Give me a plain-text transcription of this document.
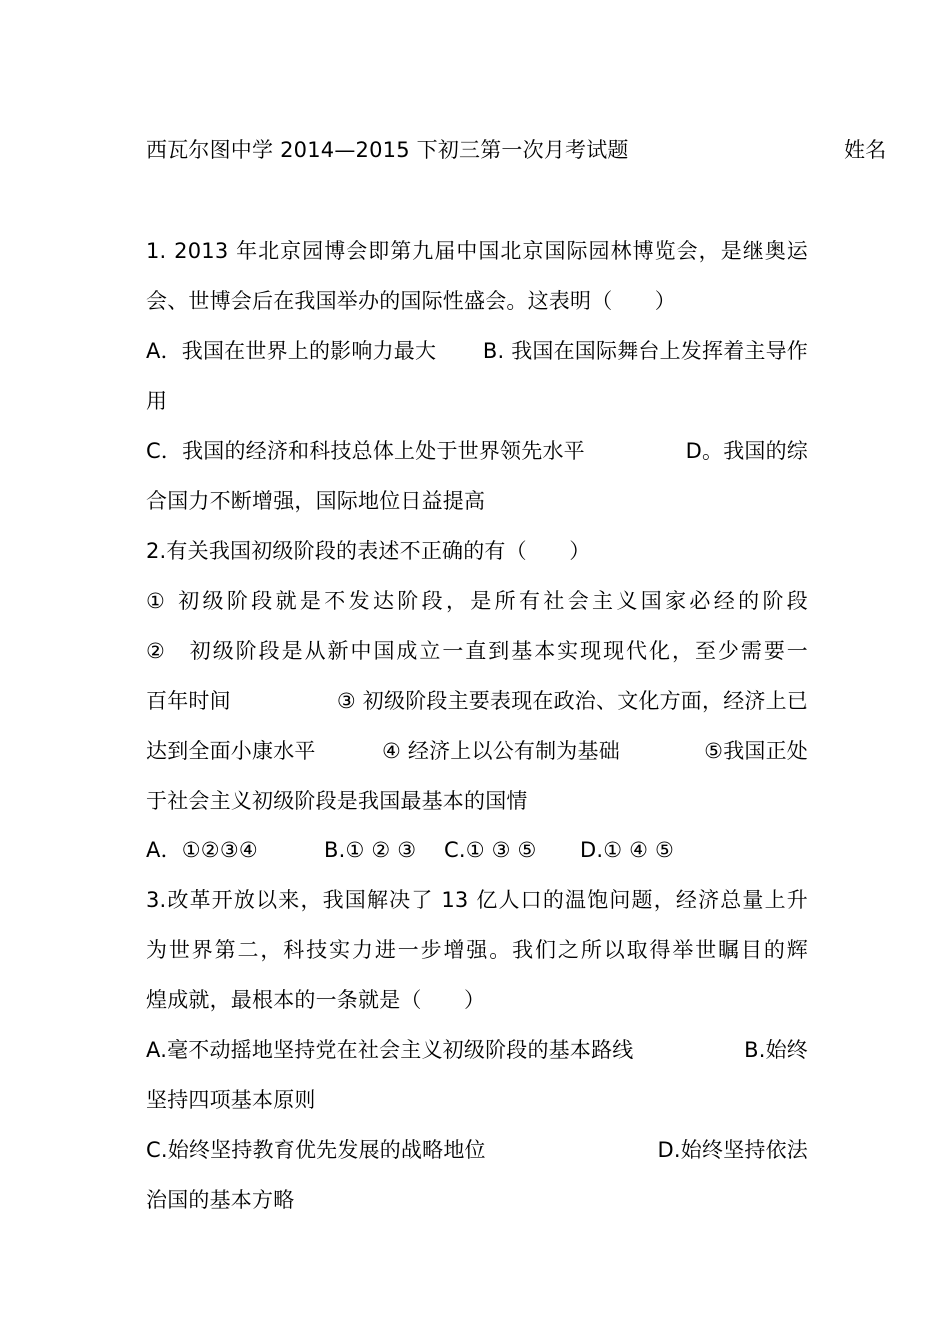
西瓦尔图中学 2014—2015 下初三第一次月考试题	姓名
1. 2013 年北京园博会即第九届中国北京国际园林博览会，是继奥运
会、世博会后在我国举办的国际性盛会。这表明（　　）
A．我国在世界上的影响力最大 B. 我国在国际舞台上发挥着主导作
用
C．我国的经济和科技总体上处于世界领先水平	D。我国的综
合国力不断增强，国际地位日益提高
2.有关我国初级阶段的表述不正确的有（　　）
① 初级阶段就是不发达阶段，是所有社会主义国家必经的阶段
②　初级阶段是从新中国成立一直到基本实现现代化，至少需要一
百年时间	③ 初级阶段主要表现在政治、文化方面，经济上已
达到全面小康水平	④ 经济上以公有制为基础	⑤我国正处
于社会主义初级阶段是我国最基本的国情
A．①②③④	B.① ② ③ C.① ③ ⑤ D.① ④ ⑤
3.改革开放以来，我国解决了 13 亿人口的温饱问题，经济总量上升
为世界第二，科技实力进一步增强。我们之所以取得举世瞩目的辉
煌成就，最根本的一条就是（　　）
A.毫不动摇地坚持党在社会主义初级阶段的基本路线	B.始终
坚持四项基本原则
C.始终坚持教育优先发展的战略地位	D.始终坚持依法
治国的基本方略
